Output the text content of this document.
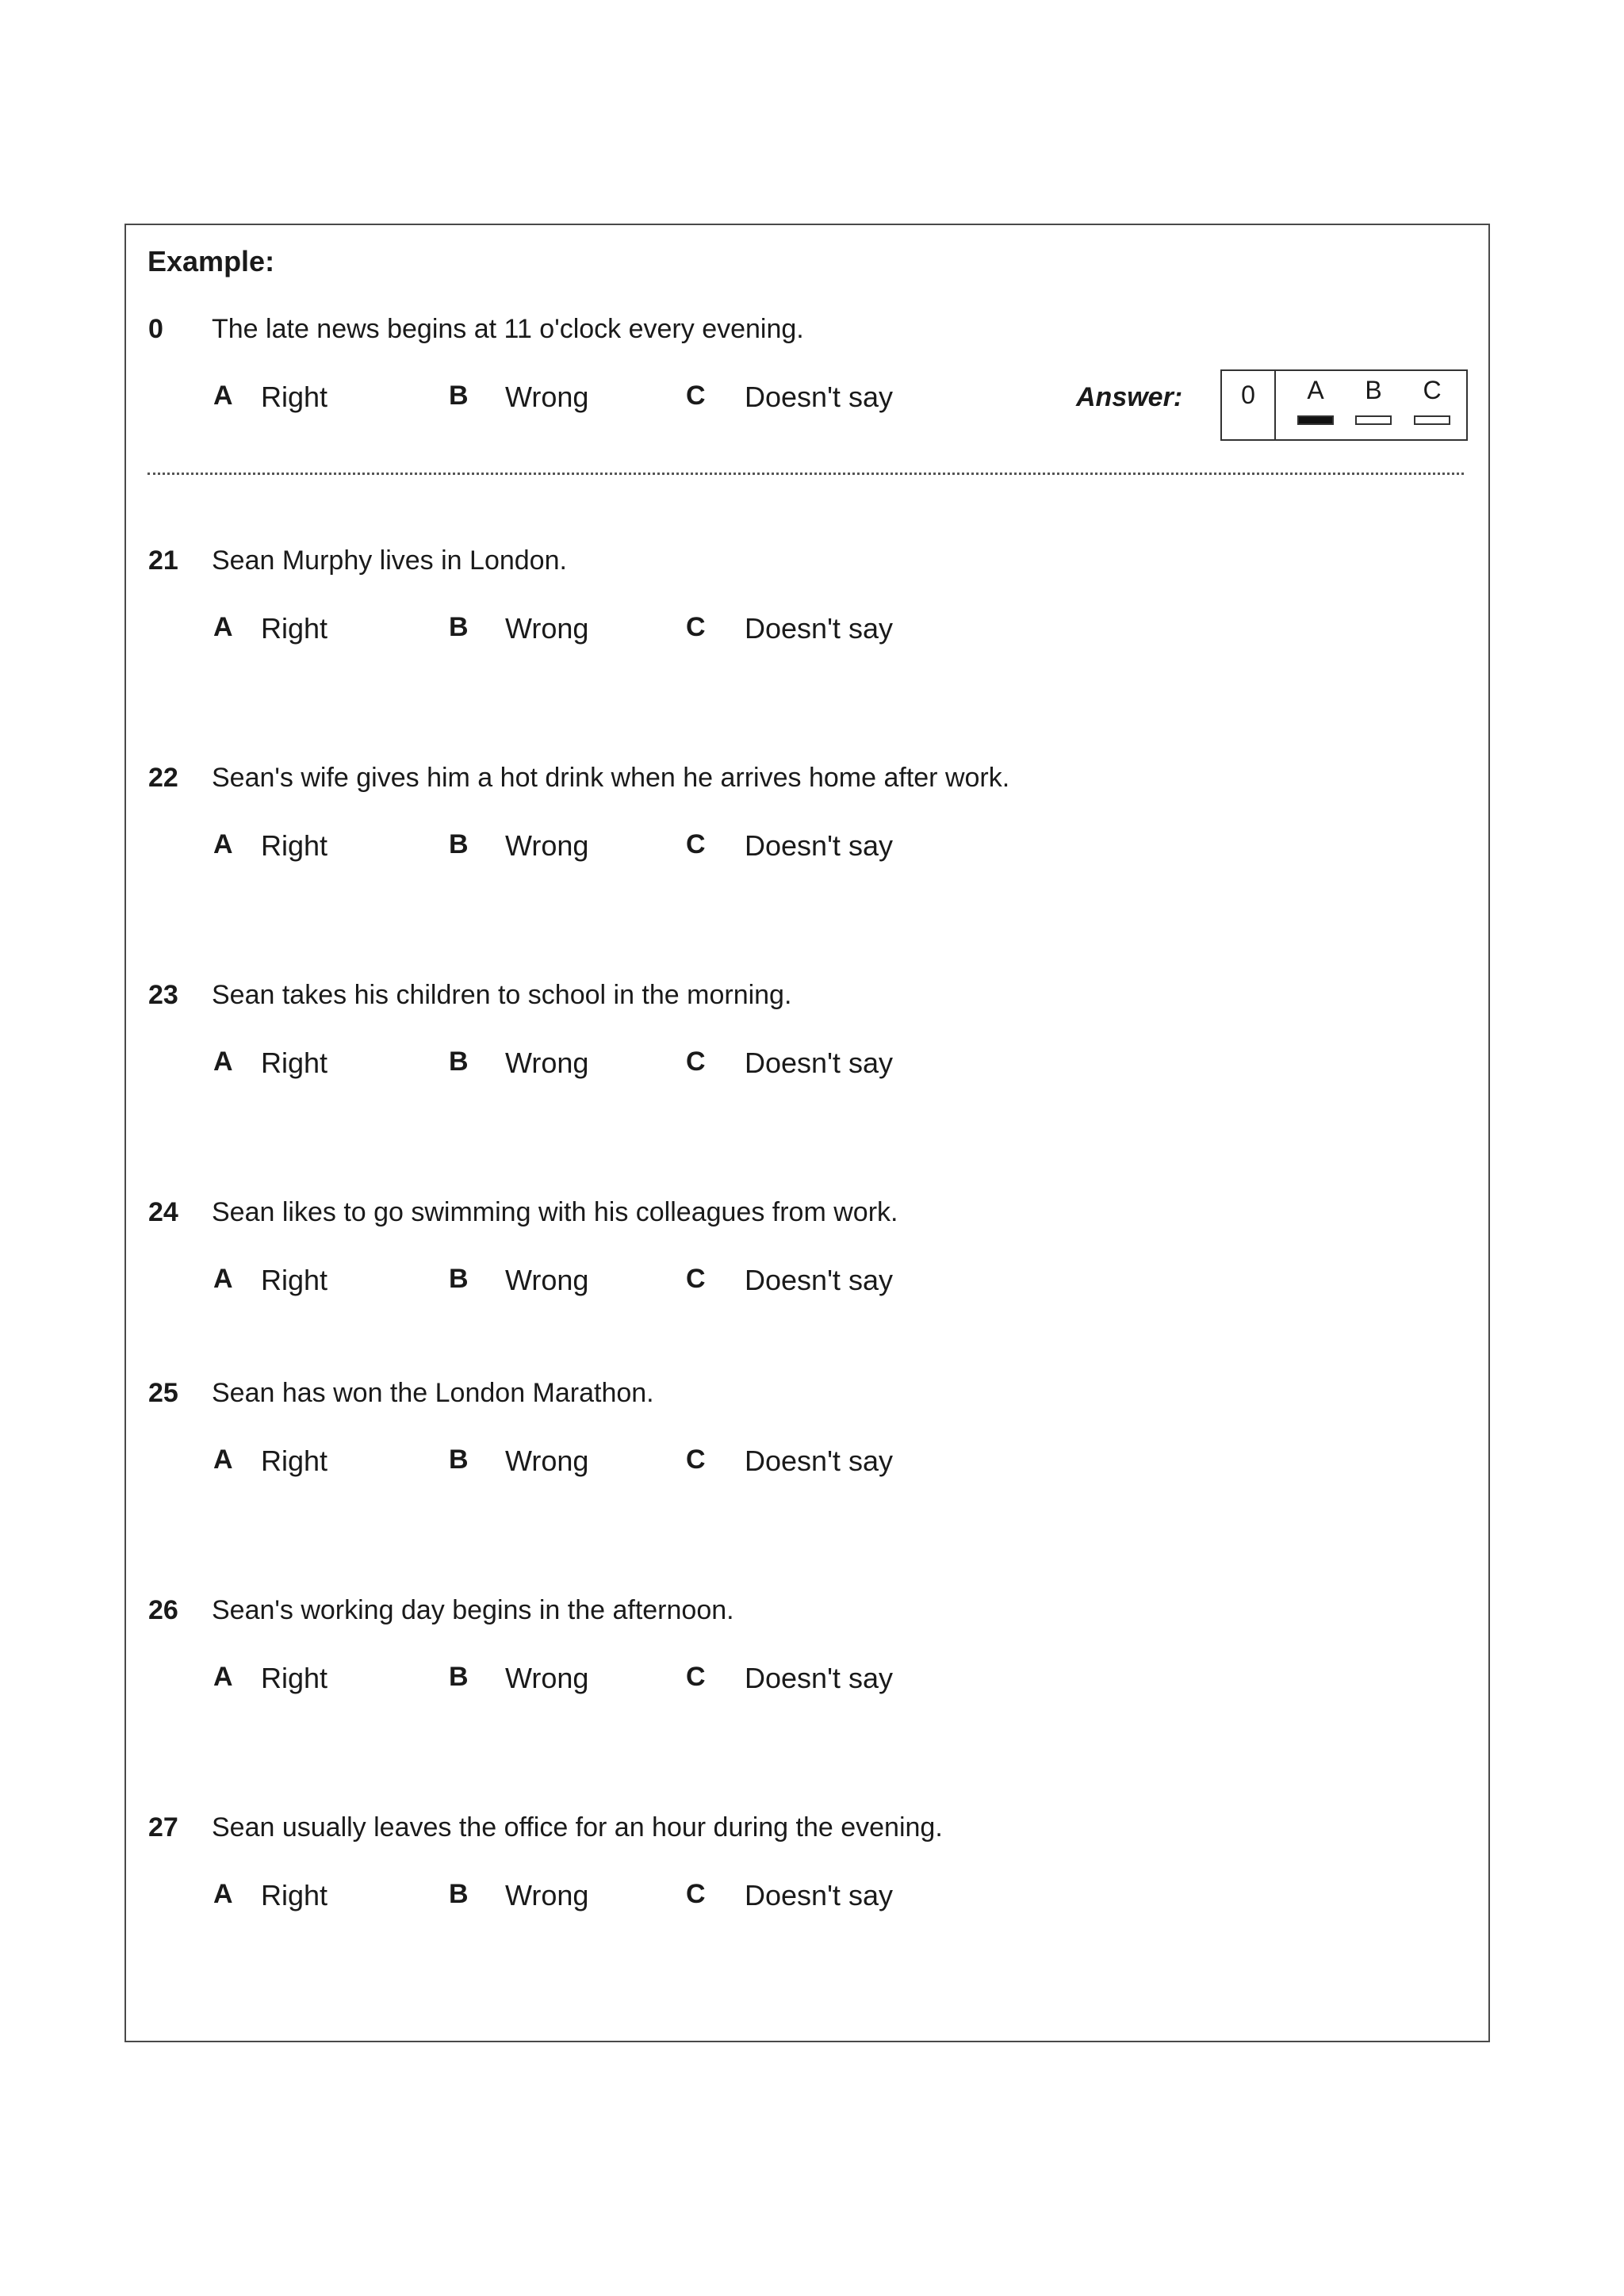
Example:
0 The late news begins at 11 o'clock every evening.
A Right	B Wrong	C Doesn't say	Answer:	0	A	B	C
21 Sean Murphy lives in London.
A Right	B Wrong	C Doesn't say
22 Sean's wife gives him a hot drink when he arrives home after work.
A Right	B Wrong	C Doesn't say
23 Sean takes his children to school in the morning.
A Right	B Wrong	C Doesn't say
24 Sean likes to go swimming with his colleagues from work.
A Right	B Wrong	C Doesn't say
25 Sean has won the London Marathon.
A Right	B Wrong	C Doesn't say
26 Sean's working day begins in the afternoon.
A Right	B Wrong	C Doesn't say
27 Sean usually leaves the office for an hour during the evening.
A Right	B Wrong	C Doesn't say
